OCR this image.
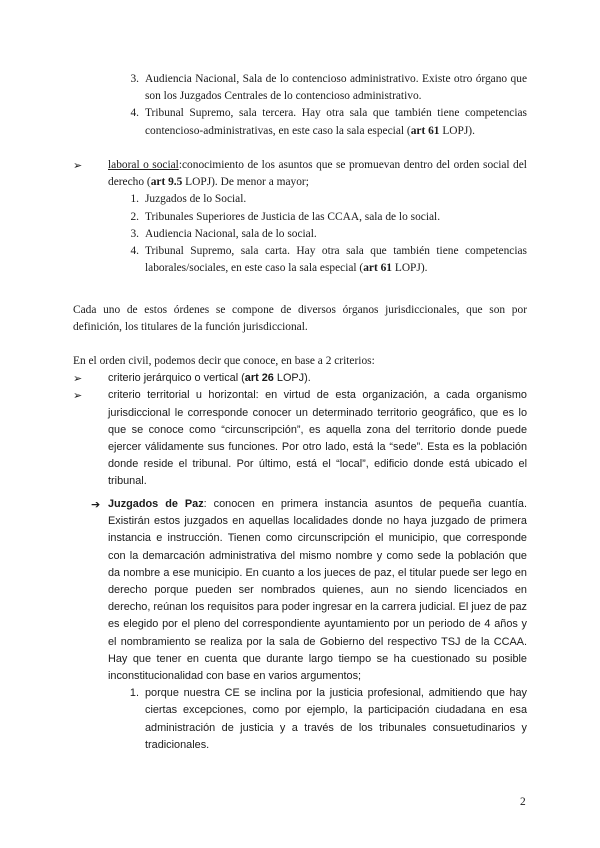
3. Audiencia Nacional, Sala de lo contencioso administrativo. Existe otro órgano que son los Juzgados Centrales de lo contencioso administrativo.
4. Tribunal Supremo, sala tercera. Hay otra sala que también tiene competencias contencioso-administrativas, en este caso la sala especial (art 61 LOPJ).
➢ laboral o social:conocimiento de los asuntos que se promuevan dentro del orden social del derecho (art 9.5 LOPJ). De menor a mayor;
1. Juzgados de lo Social.
2. Tribunales Superiores de Justicia de las CCAA, sala de lo social.
3. Audiencia Nacional, sala de lo social.
4. Tribunal Supremo, sala carta. Hay otra sala que también tiene competencias laborales/sociales, en este caso la sala especial (art 61 LOPJ).
Cada uno de estos órdenes se compone de diversos órganos jurisdiccionales, que son por definición, los titulares de la función jurisdiccional.
En el orden civil, podemos decir que conoce, en base a 2 criterios:
➢ criterio jerárquico o vertical (art 26 LOPJ).
➢ criterio territorial u horizontal: en virtud de esta organización, a cada organismo jurisdiccional le corresponde conocer un determinado territorio geográfico, que es lo que se conoce como “circunscripción”, es aquella zona del territorio donde puede ejercer válidamente sus funciones. Por otro lado, está la “sede”. Esta es la población donde reside el tribunal. Por último, está el “local”, edificio donde está ubicado el tribunal.
➔ Juzgados de Paz: conocen en primera instancia asuntos de pequeña cuantía. Existirán estos juzgados en aquellas localidades donde no haya juzgado de primera instancia e instrucción. Tienen como circunscripción el municipio, que corresponde con la demarcación administrativa del mismo nombre y como sede la población que da nombre a ese municipio. En cuanto a los jueces de paz, el titular puede ser lego en derecho porque pueden ser nombrados quienes, aun no siendo licenciados en derecho, reúnan los requisitos para poder ingresar en la carrera judicial. El juez de paz es elegido por el pleno del correspondiente ayuntamiento por un periodo de 4 años y el nombramiento se realiza por la sala de Gobierno del respectivo TSJ de la CCAA. Hay que tener en cuenta que durante largo tiempo se ha cuestionado su posible inconstitucionalidad con base en varios argumentos;
1. porque nuestra CE se inclina por la justicia profesional, admitiendo que hay ciertas excepciones, como por ejemplo, la participación ciudadana en esa administración de justicia y a través de los tribunales consuetudinarios y tradicionales.
2
